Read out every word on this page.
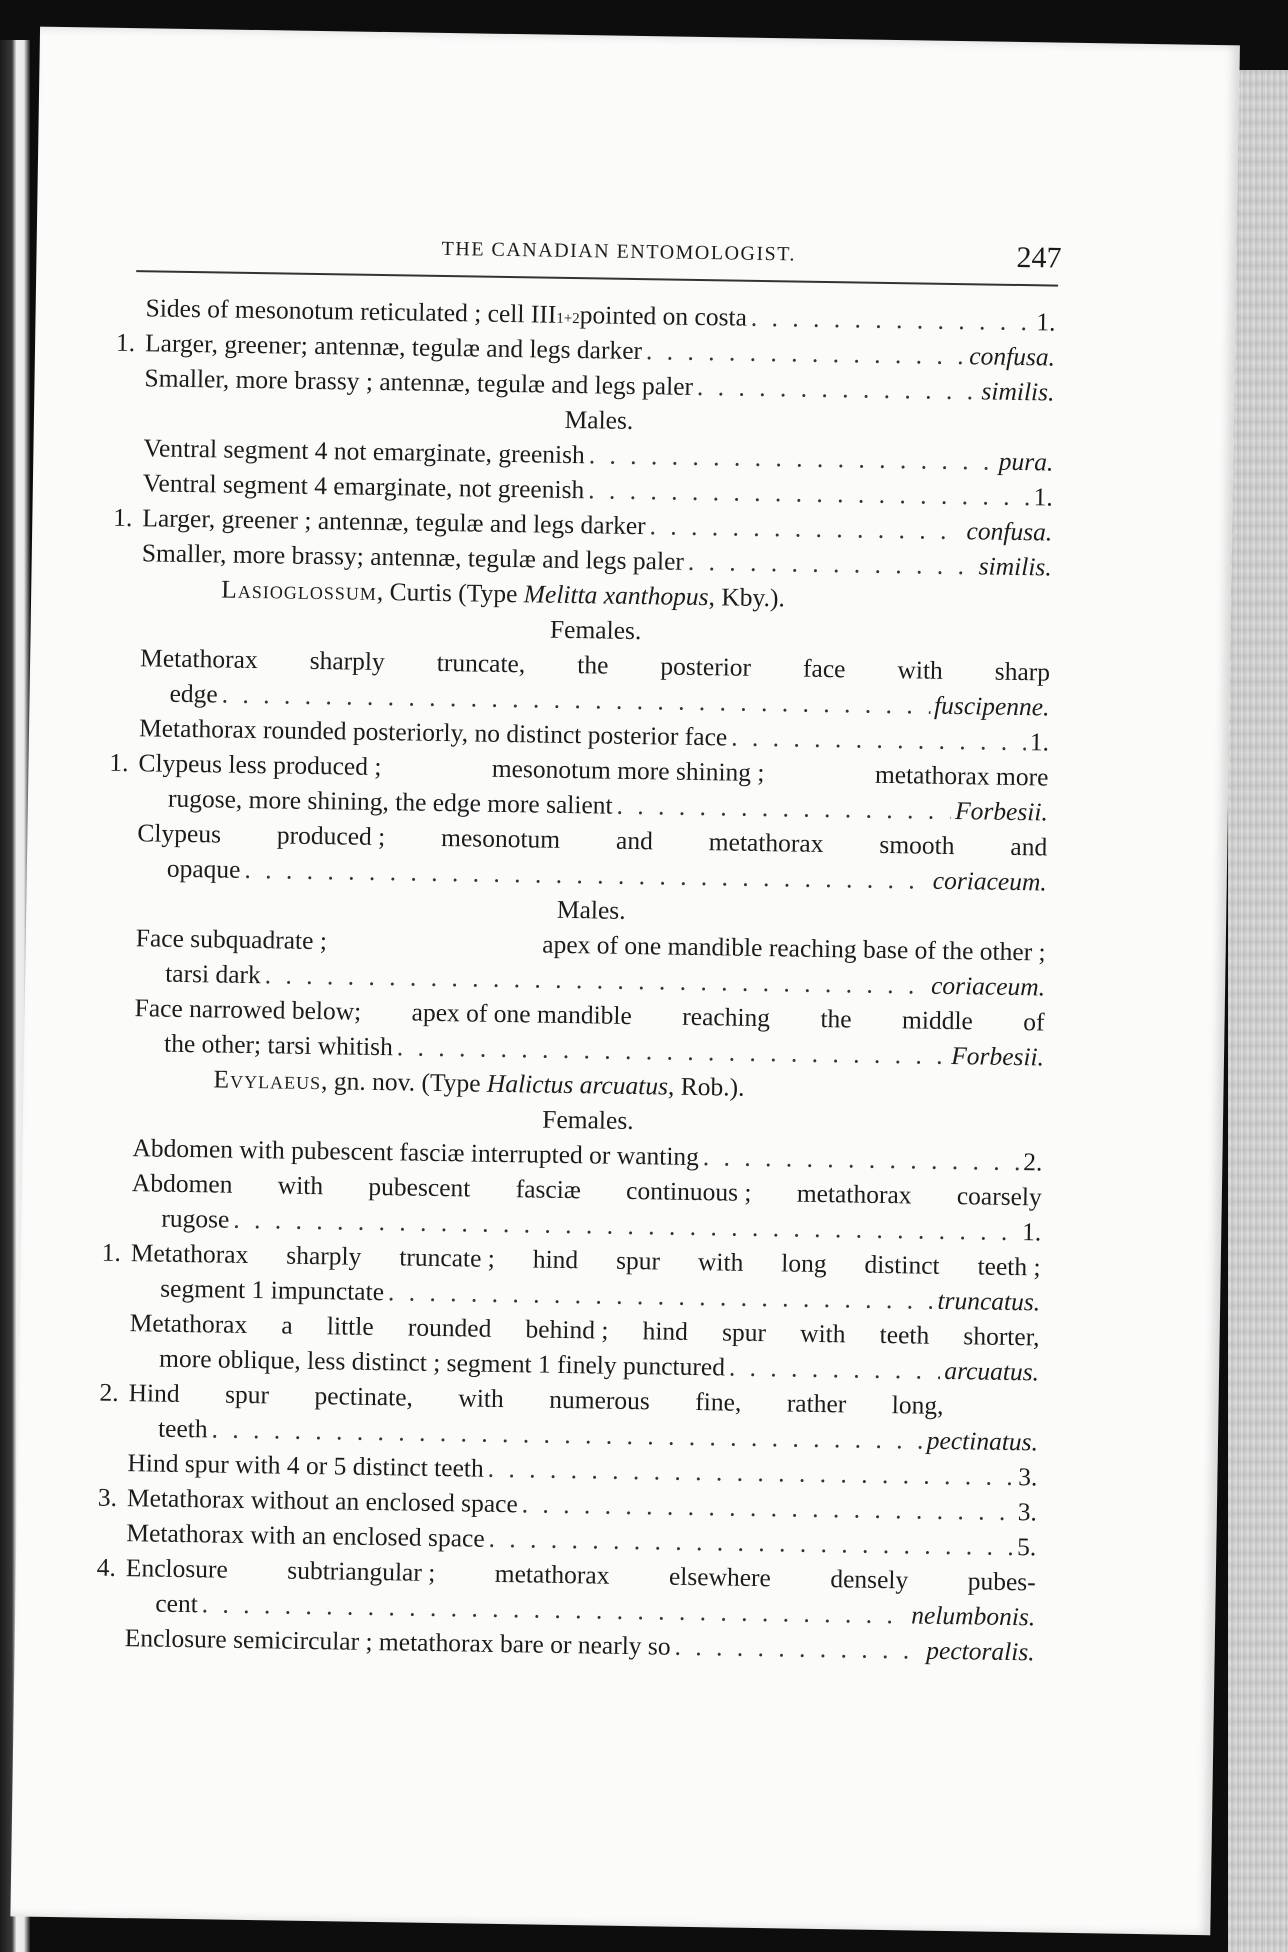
THE CANADIAN ENTOMOLOGIST.	247
Sides of mesonotum reticulated ; cell $III_{1+2}$ pointed on costa . . .	1.
1. Larger, greener; antennæ, tegulæ and legs darker . . .	confusa.
Smaller, more brassy ; antennæ, tegulæ and legs paler . . .	similis.
Males.
Ventral segment 4 not emarginate, greenish . . .	pura.
Ventral segment 4 emarginate, not greenish . . .	1.
1. Larger, greener ; antennæ, tegulæ and legs darker . . .	confusa.
Smaller, more brassy; antennæ, tegulæ and legs paler . . .	similis.
Lasioglossum, Curtis (Type Melitta xanthopus, Kby.).
Females.
Metathorax sharply truncate, the posterior face with sharp
edge . . .	fuscipenne.
Metathorax rounded posteriorly, no distinct posterior face . . .	1.
1. Clypeus less produced ;	mesonotum more shining ;	metathorax more
rugose, more shining, the edge more salient . . .	Forbesii.
Clypeus produced ; mesonotum and metathorax smooth and
opaque . . .	coriaceum.
Males.
Face subquadrate ;	apex of one mandible reaching base of the other ;
tarsi dark . . .	coriaceum.
Face narrowed below; apex of one mandible reaching the middle of
the other; tarsi whitish . . .	Forbesii.
Evylaeus, gn. nov. (Type Halictus arcuatus, Rob.).
Females.
Abdomen with pubescent fasciæ interrupted or wanting . . .	2.
Abdomen with pubescent fasciæ continuous ; metathorax coarsely
rugose . . .	1.
1. Metathorax sharply truncate ; hind spur with long distinct teeth ;
segment 1 impunctate . . .	truncatus.
Metathorax a little rounded behind ; hind spur with teeth shorter,
more oblique, less distinct ; segment 1 finely punctured . . .	arcuatus.
2. Hind spur pectinate, with numerous fine, rather long,
teeth . . .	pectinatus.
Hind spur with 4 or 5 distinct teeth . . .	3.
3. Metathorax without an enclosed space . . .	3.
Metathorax with an enclosed space . . .	5.
4. Enclosure subtriangular ; metathorax elsewhere densely pubes-
cent . . .	nelumbonis.
Enclosure semicircular ; metathorax bare or nearly so . . .	pectoralis.
